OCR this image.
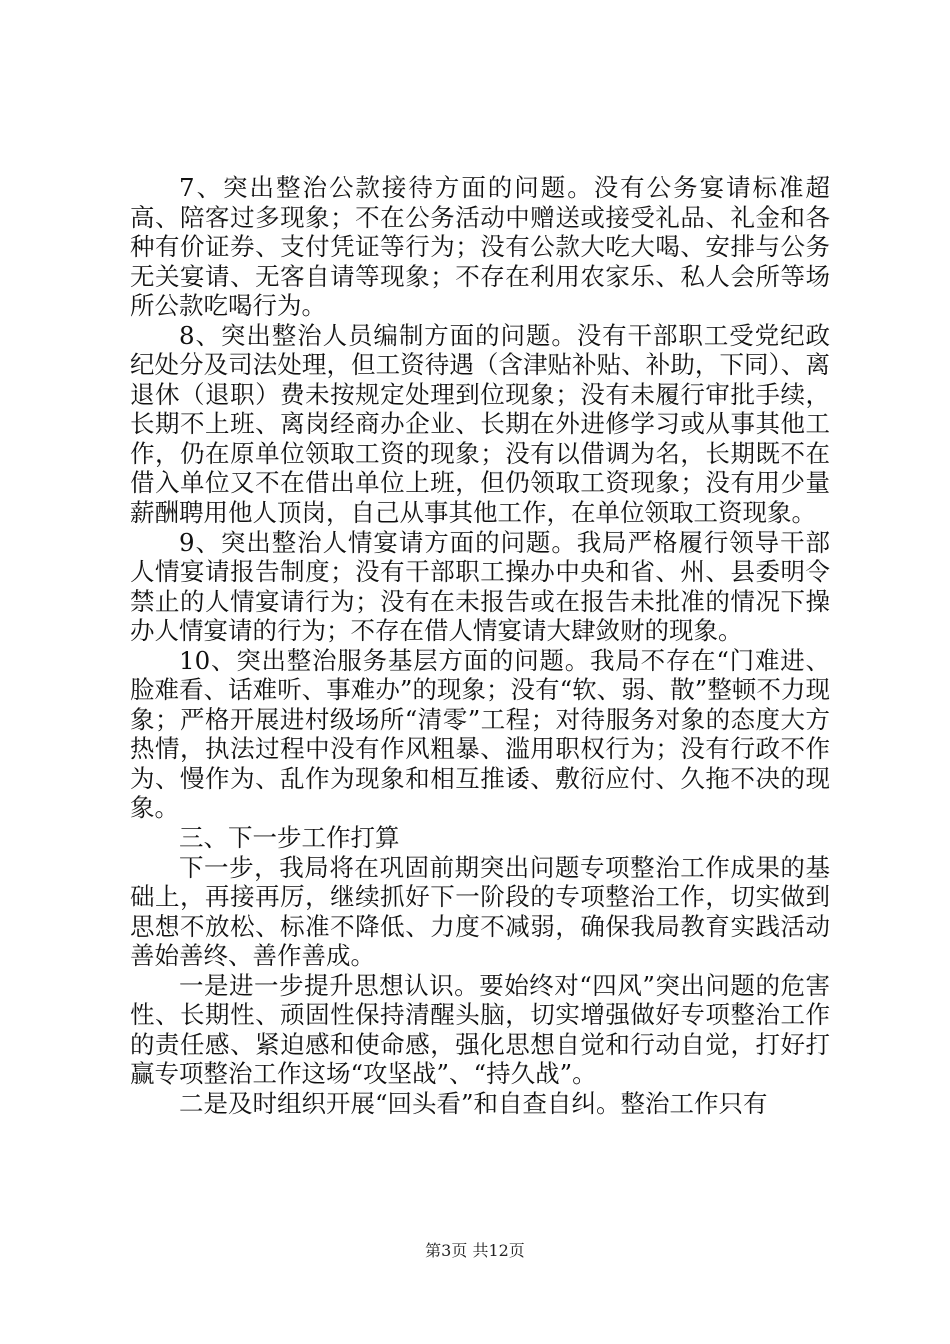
7、突出整治公款接待方面的问题。没有公务宴请标准超高、陪客过多现象；不在公务活动中赠送或接受礼品、礼金和各种有价证券、支付凭证等行为；没有公款大吃大喝、安排与公务无关宴请、无客自请等现象；不存在利用农家乐、私人会所等场所公款吃喝行为。

8、突出整治人员编制方面的问题。没有干部职工受党纪政纪处分及司法处理，但工资待遇（含津贴补贴、补助，下同）、离退休（退职）费未按规定处理到位现象；没有未履行审批手续，长期不上班、离岗经商办企业、长期在外进修学习或从事其他工作，仍在原单位领取工资的现象；没有以借调为名，长期既不在借入单位又不在借出单位上班，但仍领取工资现象；没有用少量薪酬聘用他人顶岗，自己从事其他工作，在单位领取工资现象。

9、突出整治人情宴请方面的问题。我局严格履行领导干部人情宴请报告制度；没有干部职工操办中央和省、州、县委明令禁止的人情宴请行为；没有在未报告或在报告未批准的情况下操办人情宴请的行为；不存在借人情宴请大肆敛财的现象。

10、突出整治服务基层方面的问题。我局不存在“门难进、脸难看、话难听、事难办”的现象；没有“软、弱、散”整顿不力现象；严格开展进村级场所“清零”工程；对待服务对象的态度大方热情，执法过程中没有作风粗暴、滥用职权行为；没有行政不作为、慢作为、乱作为现象和相互推诿、敷衍应付、久拖不决的现象。

三、下一步工作打算

下一步，我局将在巩固前期突出问题专项整治工作成果的基础上，再接再厉，继续抓好下一阶段的专项整治工作，切实做到思想不放松、标准不降低、力度不减弱，确保我局教育实践活动善始善终、善作善成。

一是进一步提升思想认识。要始终对“四风”突出问题的危害性、长期性、顽固性保持清醒头脑，切实增强做好专项整治工作的责任感、紧迫感和使命感，强化思想自觉和行动自觉，打好打赢专项整治工作这场“攻坚战”、“持久战”。

二是及时组织开展“回头看”和自查自纠。整治工作只有

第3页 共12页
